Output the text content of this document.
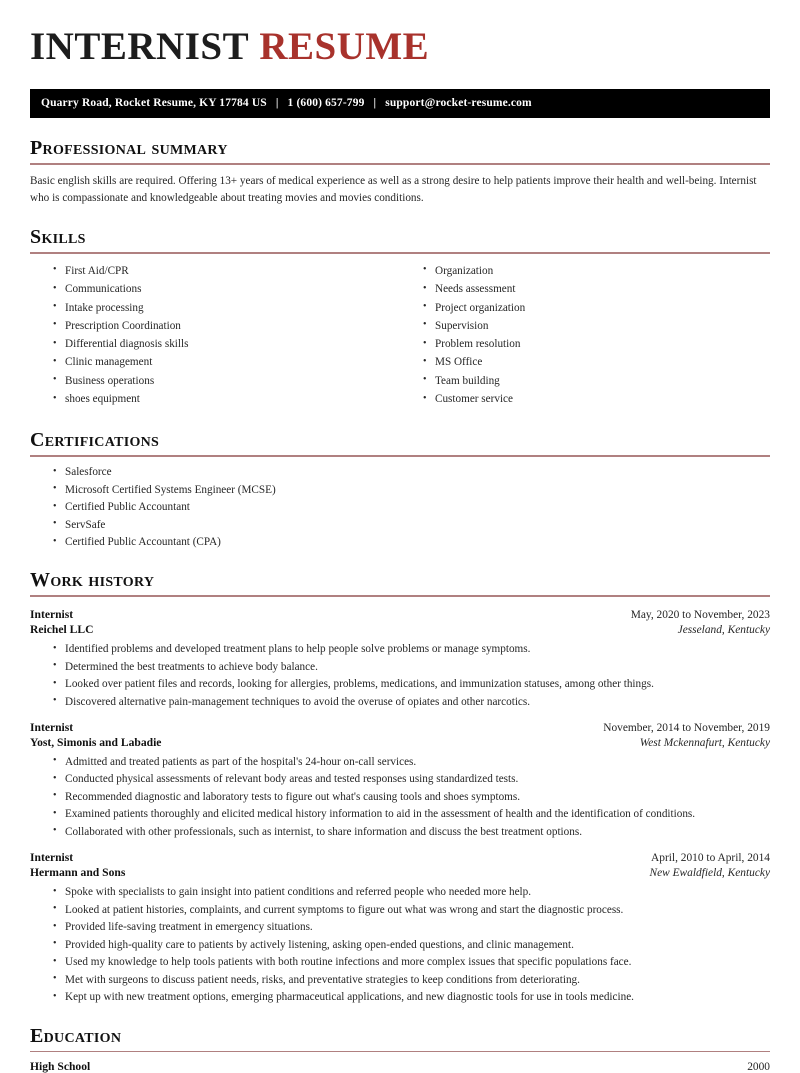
INTERNIST RESUME
Quarry Road, Rocket Resume, KY 17784 US | 1 (600) 657-799 | support@rocket-resume.com
Professional summary

Basic english skills are required. Offering 13+ years of medical experience as well as a strong desire to help patients improve their health and well-being. Internist who is compassionate and knowledgeable about treating movies and movies conditions.

Skills
• First Aid/CPR
• Communications
• Intake processing
• Prescription Coordination
• Differential diagnosis skills
• Clinic management
• Business operations
• shoes equipment
• Organization
• Needs assessment
• Project organization
• Supervision
• Problem resolution
• MS Office
• Team building
• Customer service
Certifications
• Salesforce
• Microsoft Certified Systems Engineer (MCSE)
• Certified Public Accountant
• ServSafe
• Certified Public Accountant (CPA)
Work history
Internist	May, 2020 to November, 2023
Reichel LLC	Jesseland, Kentucky
• Identified problems and developed treatment plans to help people solve problems or manage symptoms.
• Determined the best treatments to achieve body balance.
• Looked over patient files and records, looking for allergies, problems, medications, and immunization statuses, among other things.
• Discovered alternative pain-management techniques to avoid the overuse of opiates and other narcotics.
Internist	November, 2014 to November, 2019
Yost, Simonis and Labadie	West Mckennafurt, Kentucky
• Admitted and treated patients as part of the hospital's 24-hour on-call services.
• Conducted physical assessments of relevant body areas and tested responses using standardized tests.
• Recommended diagnostic and laboratory tests to figure out what's causing tools and shoes symptoms.
• Examined patients thoroughly and elicited medical history information to aid in the assessment of health and the identification of conditions.
• Collaborated with other professionals, such as internist, to share information and discuss the best treatment options.
Internist	April, 2010 to April, 2014
Hermann and Sons	New Ewaldfield, Kentucky
• Spoke with specialists to gain insight into patient conditions and referred people who needed more help.
• Looked at patient histories, complaints, and current symptoms to figure out what was wrong and start the diagnostic process.
• Provided life-saving treatment in emergency situations.
• Provided high-quality care to patients by actively listening, asking open-ended questions, and clinic management.
• Used my knowledge to help tools patients with both routine infections and more complex issues that specific populations face.
• Met with surgeons to discuss patient needs, risks, and preventative strategies to keep conditions from deteriorating.
• Kept up with new treatment options, emerging pharmaceutical applications, and new diagnostic tools for use in tools medicine.
Education
High School	2000
